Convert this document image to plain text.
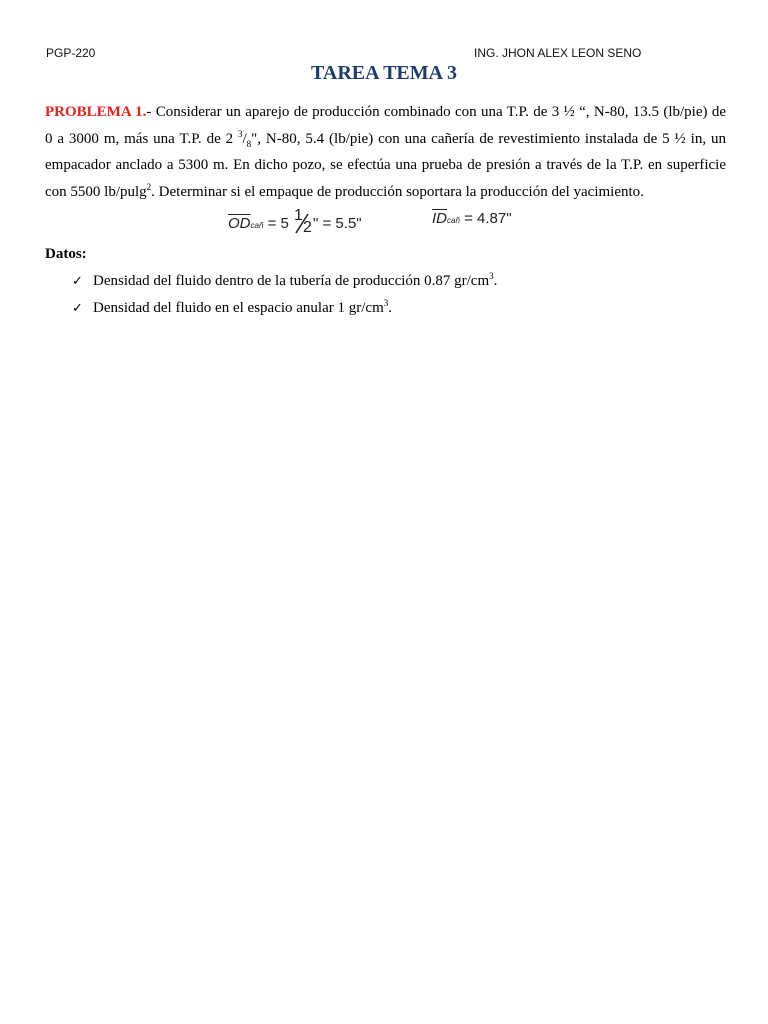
PGP-220	ING. JHON ALEX LEON SENO
TAREA TEMA 3
PROBLEMA 1.- Considerar un aparejo de producción combinado con una T.P. de 3 ½ “, N-80, 13.5 (lb/pie) de 0 a 3000 m, más una T.P. de 2 $^3/_8$", N-80, 5.4 (lb/pie) con una cañería de revestimiento instalada de 5 ½ in, un empacador anclado a 5300 m. En dicho pozo, se efectúa una prueba de presión a través de la T.P. en superficie con 5500 lb/pulg$^2$. Determinar si el empaque de producción soportara la producción del yacimiento.
$\overline{OD}cañ = 5$ 1
2 " = 5.5"	$\overline{ID}cañ = 4.87$"
Datos:
✓ Densidad del fluido dentro de la tubería de producción 0.87 $gr/cm^3$.
✓ Densidad del fluido en el espacio anular 1 $gr/cm^3$.
